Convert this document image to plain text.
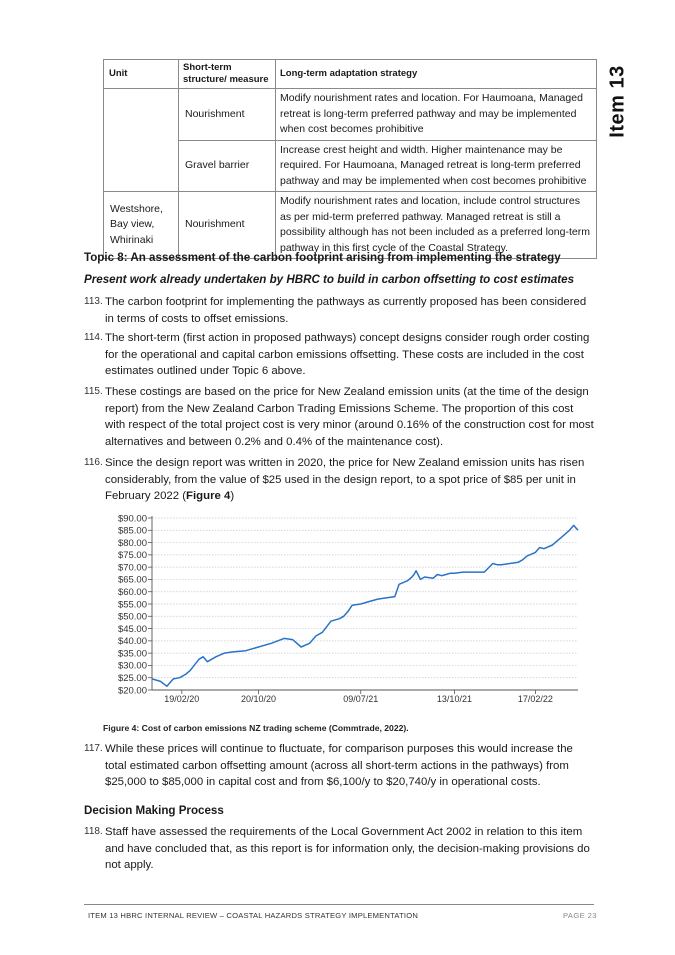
Item 13
Unit	Short-term structure/ measure	Long-term adaptation strategy
	Nourishment	Modify nourishment rates and location. For Haumoana, Managed retreat is long-term preferred pathway and may be implemented when cost becomes prohibitive
	Gravel barrier	Increase crest height and width. Higher maintenance may be required. For Haumoana, Managed retreat is long-term preferred pathway and may be implemented when cost becomes prohibitive
Westshore, Bay view, Whirinaki	Nourishment	Modify nourishment rates and location, include control structures as per mid-term preferred pathway. Managed retreat is still a possibility although has not been included as a preferred long-term pathway in this first cycle of the Coastal Strategy.
Topic 8: An assessment of the carbon footprint arising from implementing the strategy
Present work already undertaken by HBRC to build in carbon offsetting to cost estimates
113. The carbon footprint for implementing the pathways as currently proposed has been considered in terms of costs to offset emissions.
114. The short-term (first action in proposed pathways) concept designs consider rough order costing for the operational and capital carbon emissions offsetting. These costs are included in the cost estimates outlined under Topic 6 above.
115. These costings are based on the price for New Zealand emission units (at the time of the design report) from the New Zealand Carbon Trading Emissions Scheme. The proportion of this cost with respect of the total project cost is very minor (around 0.16% of the construction cost for most alternatives and between 0.2% and 0.4% of the maintenance cost).
116. Since the design report was written in 2020, the price for New Zealand emission units has risen considerably, from the value of $25 used in the design report, to a spot price of $85 per unit in February 2022 (Figure 4)
$90.00
$85.00
$80.00
$75.00
$70.00
$65.00
$60.00
$55.00
$50.00
$45.00
$40.00
$35.00
$30.00
$25.00
$20.00
19/02/20	20/10/20	09/07/21	13/10/21	17/02/22
Figure 4: Cost of carbon emissions NZ trading scheme (Commtrade, 2022).
117. While these prices will continue to fluctuate, for comparison purposes this would increase the total estimated carbon offsetting amount (across all short-term actions in the pathways) from $25,000 to $85,000 in capital cost and from $6,100/y to $20,740/y in operational costs.
Decision Making Process
118. Staff have assessed the requirements of the Local Government Act 2002 in relation to this item and have concluded that, as this report is for information only, the decision-making provisions do not apply.
ITEM 13 HBRC INTERNAL REVIEW – COASTAL HAZARDS STRATEGY IMPLEMENTATION	PAGE 23
